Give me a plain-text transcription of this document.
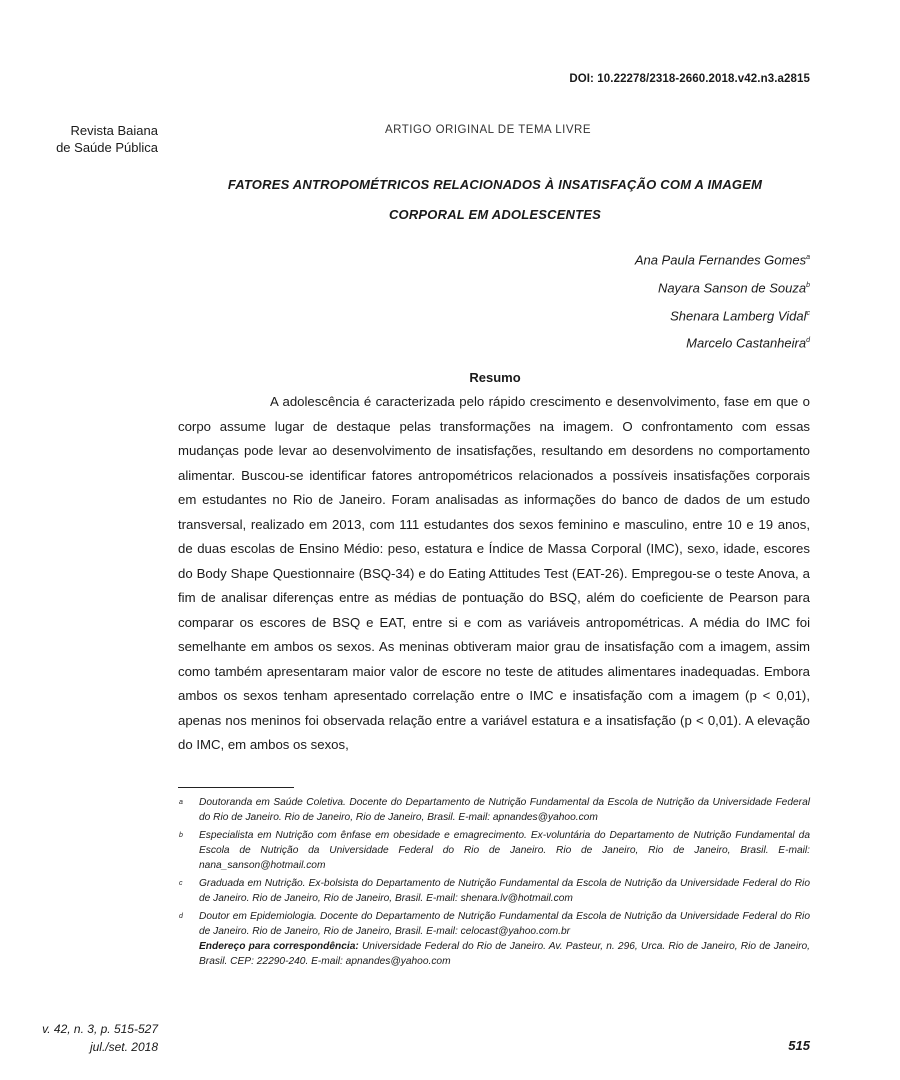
DOI: 10.22278/2318-2660.2018.v42.n3.a2815
Revista Baiana
de Saúde Pública
ARTIGO ORIGINAL DE TEMA LIVRE
FATORES ANTROPOMÉTRICOS RELACIONADOS À INSATISFAÇÃO COM A IMAGEM
CORPORAL EM ADOLESCENTES
Ana Paula Fernandes Gomes$^a$
Nayara Sanson de Souza$^b$
Shenara Lamberg Vidal$^c$
Marcelo Castanheira$^d$
Resumo

A adolescência é caracterizada pelo rápido crescimento e desenvolvimento, fase em que o corpo assume lugar de destaque pelas transformações na imagem. O confrontamento com essas mudanças pode levar ao desenvolvimento de insatisfações, resultando em desordens no comportamento alimentar. Buscou-se identificar fatores antropométricos relacionados a possíveis insatisfações corporais em estudantes no Rio de Janeiro. Foram analisadas as informações do banco de dados de um estudo transversal, realizado em 2013, com 111 estudantes dos sexos feminino e masculino, entre 10 e 19 anos, de duas escolas de Ensino Médio: peso, estatura e Índice de Massa Corporal (IMC), sexo, idade, escores do Body Shape Questionnaire (BSQ-34) e do Eating Attitudes Test (EAT-26). Empregou-se o teste Anova, a fim de analisar diferenças entre as médias de pontuação do BSQ, além do coeficiente de Pearson para comparar os escores de BSQ e EAT, entre si e com as variáveis antropométricas. A média do IMC foi semelhante em ambos os sexos. As meninas obtiveram maior grau de insatisfação com a imagem, assim como também apresentaram maior valor de escore no teste de atitudes alimentares inadequadas. Embora ambos os sexos tenham apresentado correlação entre o IMC e insatisfação com a imagem (p < 0,01), apenas nos meninos foi observada relação entre a variável estatura e a insatisfação (p < 0,01). A elevação do IMC, em ambos os sexos,

a	Doutoranda em Saúde Coletiva. Docente do Departamento de Nutrição Fundamental da Escola de Nutrição da Universidade Federal do Rio de Janeiro. Rio de Janeiro, Rio de Janeiro, Brasil. E-mail: apnandes@yahoo.com
b	Especialista em Nutrição com ênfase em obesidade e emagrecimento. Ex-voluntária do Departamento de Nutrição Fundamental da Escola de Nutrição da Universidade Federal do Rio de Janeiro. Rio de Janeiro, Rio de Janeiro, Brasil. E-mail: nana_sanson@hotmail.com
c	Graduada em Nutrição. Ex-bolsista do Departamento de Nutrição Fundamental da Escola de Nutrição da Universidade Federal do Rio de Janeiro. Rio de Janeiro, Rio de Janeiro, Brasil. E-mail: shenara.lv@hotmail.com
d	Doutor em Epidemiologia. Docente do Departamento de Nutrição Fundamental da Escola de Nutrição da Universidade Federal do Rio de Janeiro. Rio de Janeiro, Rio de Janeiro, Brasil. E-mail: celocast@yahoo.com.br
Endereço para correspondência: Universidade Federal do Rio de Janeiro. Av. Pasteur, n. 296, Urca. Rio de Janeiro, Rio de Janeiro, Brasil. CEP: 22290-240. E-mail: apnandes@yahoo.com
v. 42, n. 3, p. 515-527
jul./set. 2018	515
